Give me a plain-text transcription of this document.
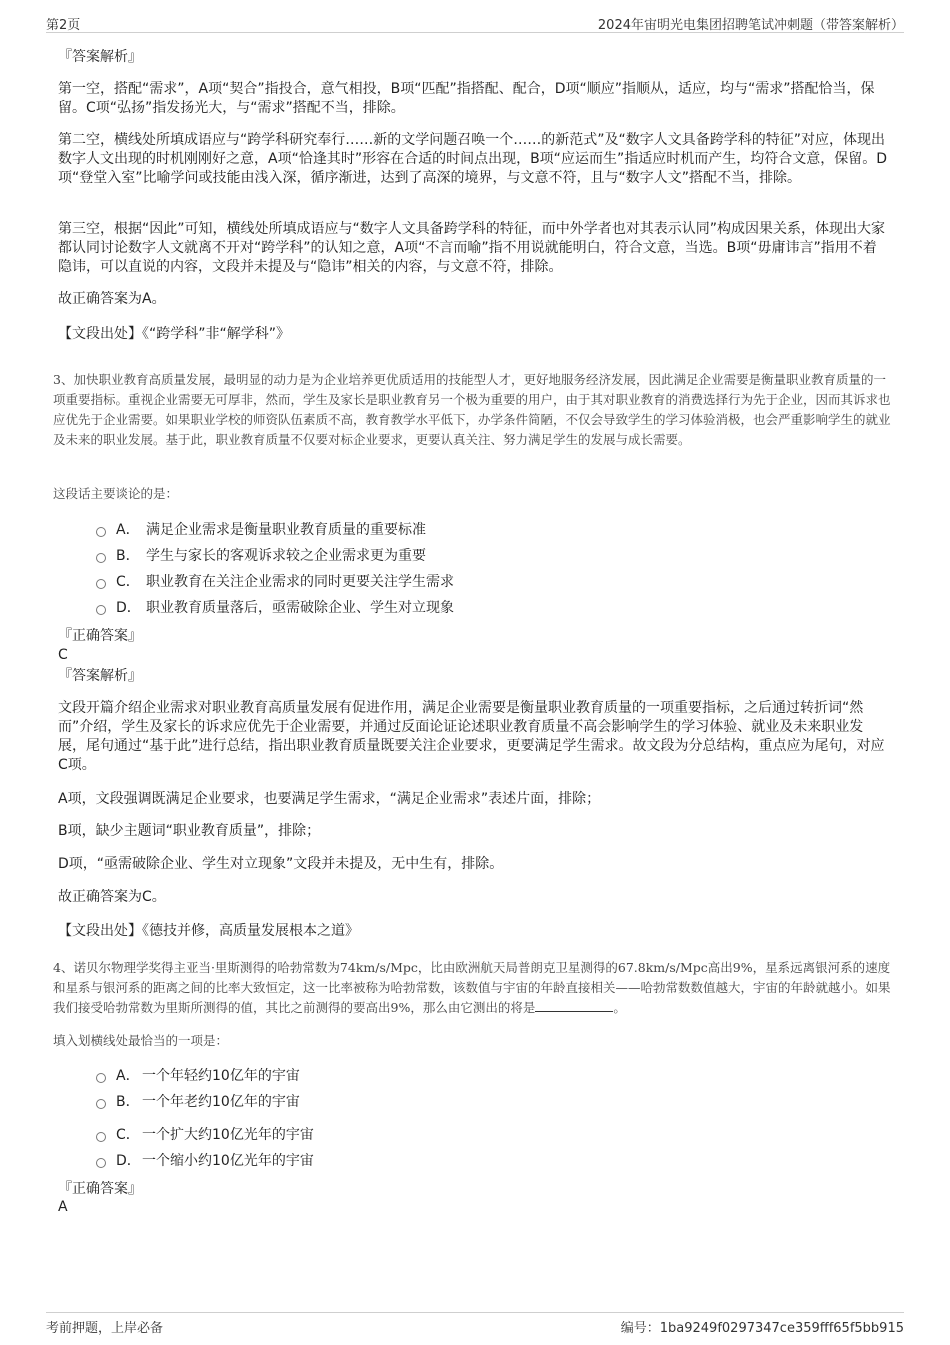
第2页	2024年宙明光电集团招聘笔试冲刺题（带答案解析）
『答案解析』

第一空，搭配“需求”，A项“契合”指投合，意气相投，B项“匹配”指搭配、配合，D项“顺应”指顺从，适应，均与“需求”搭配恰当，保留。C项“弘扬”指发扬光大，与“需求”搭配不当，排除。

第二空，横线处所填成语应与“跨学科研究奉行……新的文学问题召唤一个……的新范式”及“数字人文具备跨学科的特征”对应，体现出数字人文出现的时机刚刚好之意，A项“恰逢其时”形容在合适的时间点出现，B项“应运而生”指适应时机而产生，均符合文意，保留。D项“登堂入室”比喻学问或技能由浅入深，循序渐进，达到了高深的境界，与文意不符，且与“数字人文”搭配不当，排除。

第三空，根据“因此”可知，横线处所填成语应与“数字人文具备跨学科的特征，而中外学者也对其表示认同”构成因果关系，体现出大家都认同讨论数字人文就离不开对“跨学科”的认知之意，A项“不言而喻”指不用说就能明白，符合文意，当选。B项“毋庸讳言”指用不着隐讳，可以直说的内容，文段并未提及与“隐讳”相关的内容，与文意不符，排除。

故正确答案为A。

【文段出处】《“跨学科”非“解学科”》

3、加快职业教育高质量发展，最明显的动力是为企业培养更优质适用的技能型人才，更好地服务经济发展，因此满足企业需要是衡量职业教育质量的一项重要指标。重视企业需要无可厚非，然而，学生及家长是职业教育另一个极为重要的用户，由于其对职业教育的消费选择行为先于企业，因而其诉求也应优先于企业需要。如果职业学校的师资队伍素质不高，教育教学水平低下，办学条件简陋，不仅会导致学生的学习体验消极，也会严重影响学生的就业及未来的职业发展。基于此，职业教育质量不仅要对标企业要求，更要认真关注、努力满足学生的发展与成长需要。

这段话主要谈论的是：

A． 满足企业需求是衡量职业教育质量的重要标准
B． 学生与家长的客观诉求较之企业需求更为重要
C． 职业教育在关注企业需求的同时更要关注学生需求
D． 职业教育质量落后，亟需破除企业、学生对立现象
『正确答案』
C
『答案解析』

文段开篇介绍企业需求对职业教育高质量发展有促进作用，满足企业需要是衡量职业教育质量的一项重要指标，之后通过转折词“然而”介绍，学生及家长的诉求应优先于企业需要，并通过反面论证论述职业教育质量不高会影响学生的学习体验、就业及未来职业发展，尾句通过“基于此”进行总结，指出职业教育质量既要关注企业要求，更要满足学生需求。故文段为分总结构，重点应为尾句，对应C项。

A项，文段强调既满足企业要求，也要满足学生需求，“满足企业需求”表述片面，排除；

B项，缺少主题词“职业教育质量”，排除；

D项，“亟需破除企业、学生对立现象”文段并未提及，无中生有，排除。

故正确答案为C。

【文段出处】《德技并修，高质量发展根本之道》

4、诺贝尔物理学奖得主亚当·里斯测得的哈勃常数为74km/s/Mpc，比由欧洲航天局普朗克卫星测得的67.8km/s/Mpc高出9%，星系远离银河系的速度和星系与银河系的距离之间的比率大致恒定，这一比率被称为哈勃常数，该数值与宇宙的年龄直接相关——哈勃常数数值越大，宇宙的年龄就越小。如果我们接受哈勃常数为里斯所测得的值，其比之前测得的要高出9%，那么由它测出的将是	。

填入划横线处最恰当的一项是：

A． 一个年轻约10亿年的宇宙
B． 一个年老约10亿年的宇宙
C． 一个扩大约10亿光年的宇宙
D． 一个缩小约10亿光年的宇宙
『正确答案』
A
考前押题，上岸必备	编号：1ba9249f0297347ce359fff65f5bb915
